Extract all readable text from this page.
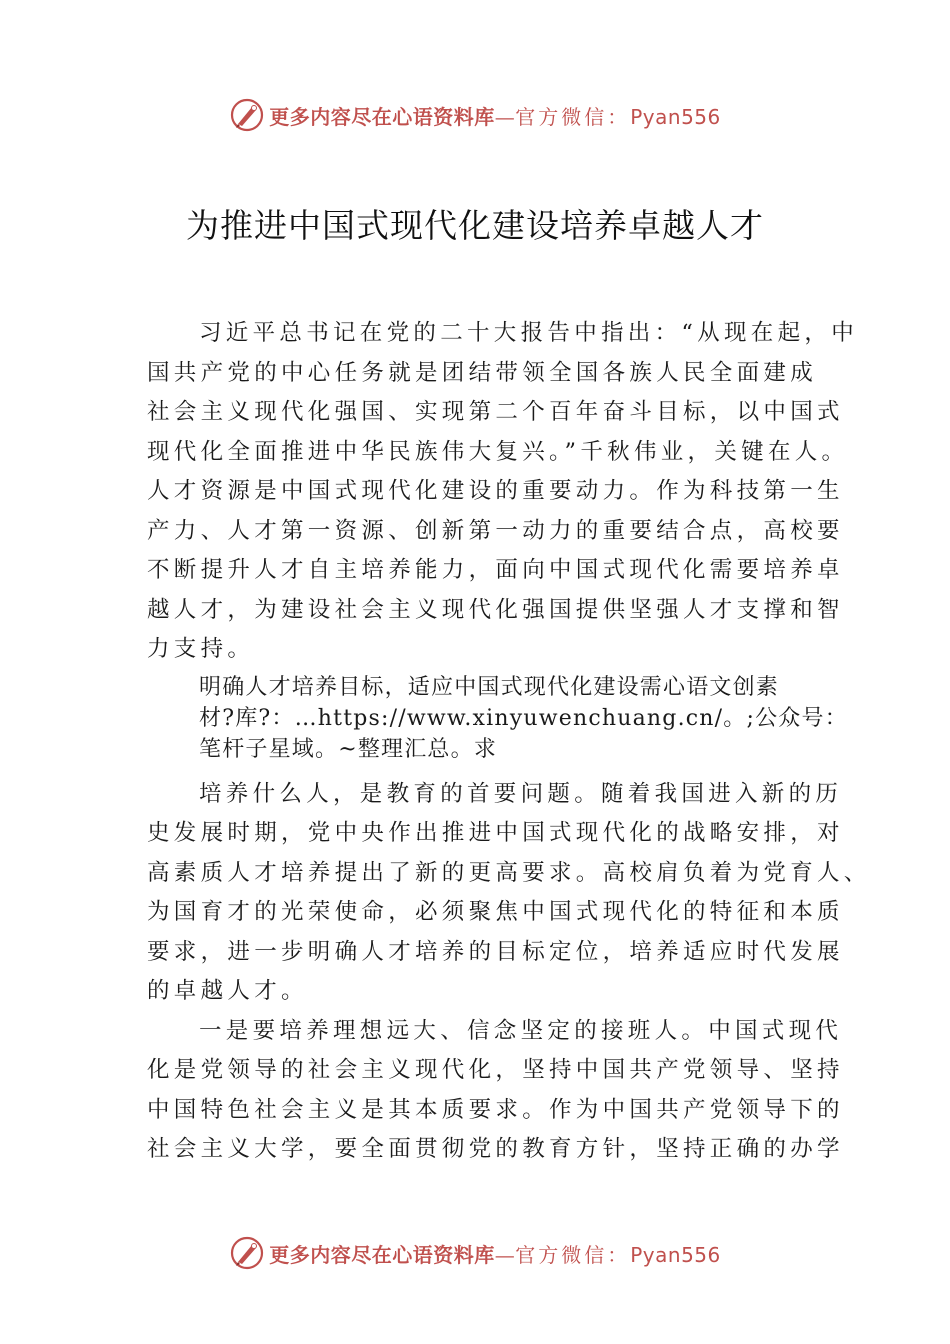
更多内容尽在心语资料库—官方微信：Pyan556
为推进中国式现代化建设培养卓越人才
习近平总书记在党的二十大报告中指出：“从现在起，中
国共产党的中心任务就是团结带领全国各族人民全面建成
社会主义现代化强国、实现第二个百年奋斗目标，以中国式
现代化全面推进中华民族伟大复兴。”千秋伟业，关键在人。
人才资源是中国式现代化建设的重要动力。作为科技第一生
产力、人才第一资源、创新第一动力的重要结合点，高校要
不断提升人才自主培养能力，面向中国式现代化需要培养卓
越人才，为建设社会主义现代化强国提供坚强人才支撑和智
力支持。
明确人才培养目标，适应中国式现代化建设需心语文创素
材?库?：…https://www.xinyuwenchuang.cn/。;公众号：
笔杆子星域。~整理汇总。求
培养什么人，是教育的首要问题。随着我国进入新的历
史发展时期，党中央作出推进中国式现代化的战略安排，对
高素质人才培养提出了新的更高要求。高校肩负着为党育人、
为国育才的光荣使命，必须聚焦中国式现代化的特征和本质
要求，进一步明确人才培养的目标定位，培养适应时代发展
的卓越人才。
一是要培养理想远大、信念坚定的接班人。中国式现代
化是党领导的社会主义现代化，坚持中国共产党领导、坚持
中国特色社会主义是其本质要求。作为中国共产党领导下的
社会主义大学，要全面贯彻党的教育方针，坚持正确的办学
更多内容尽在心语资料库—官方微信：Pyan556
